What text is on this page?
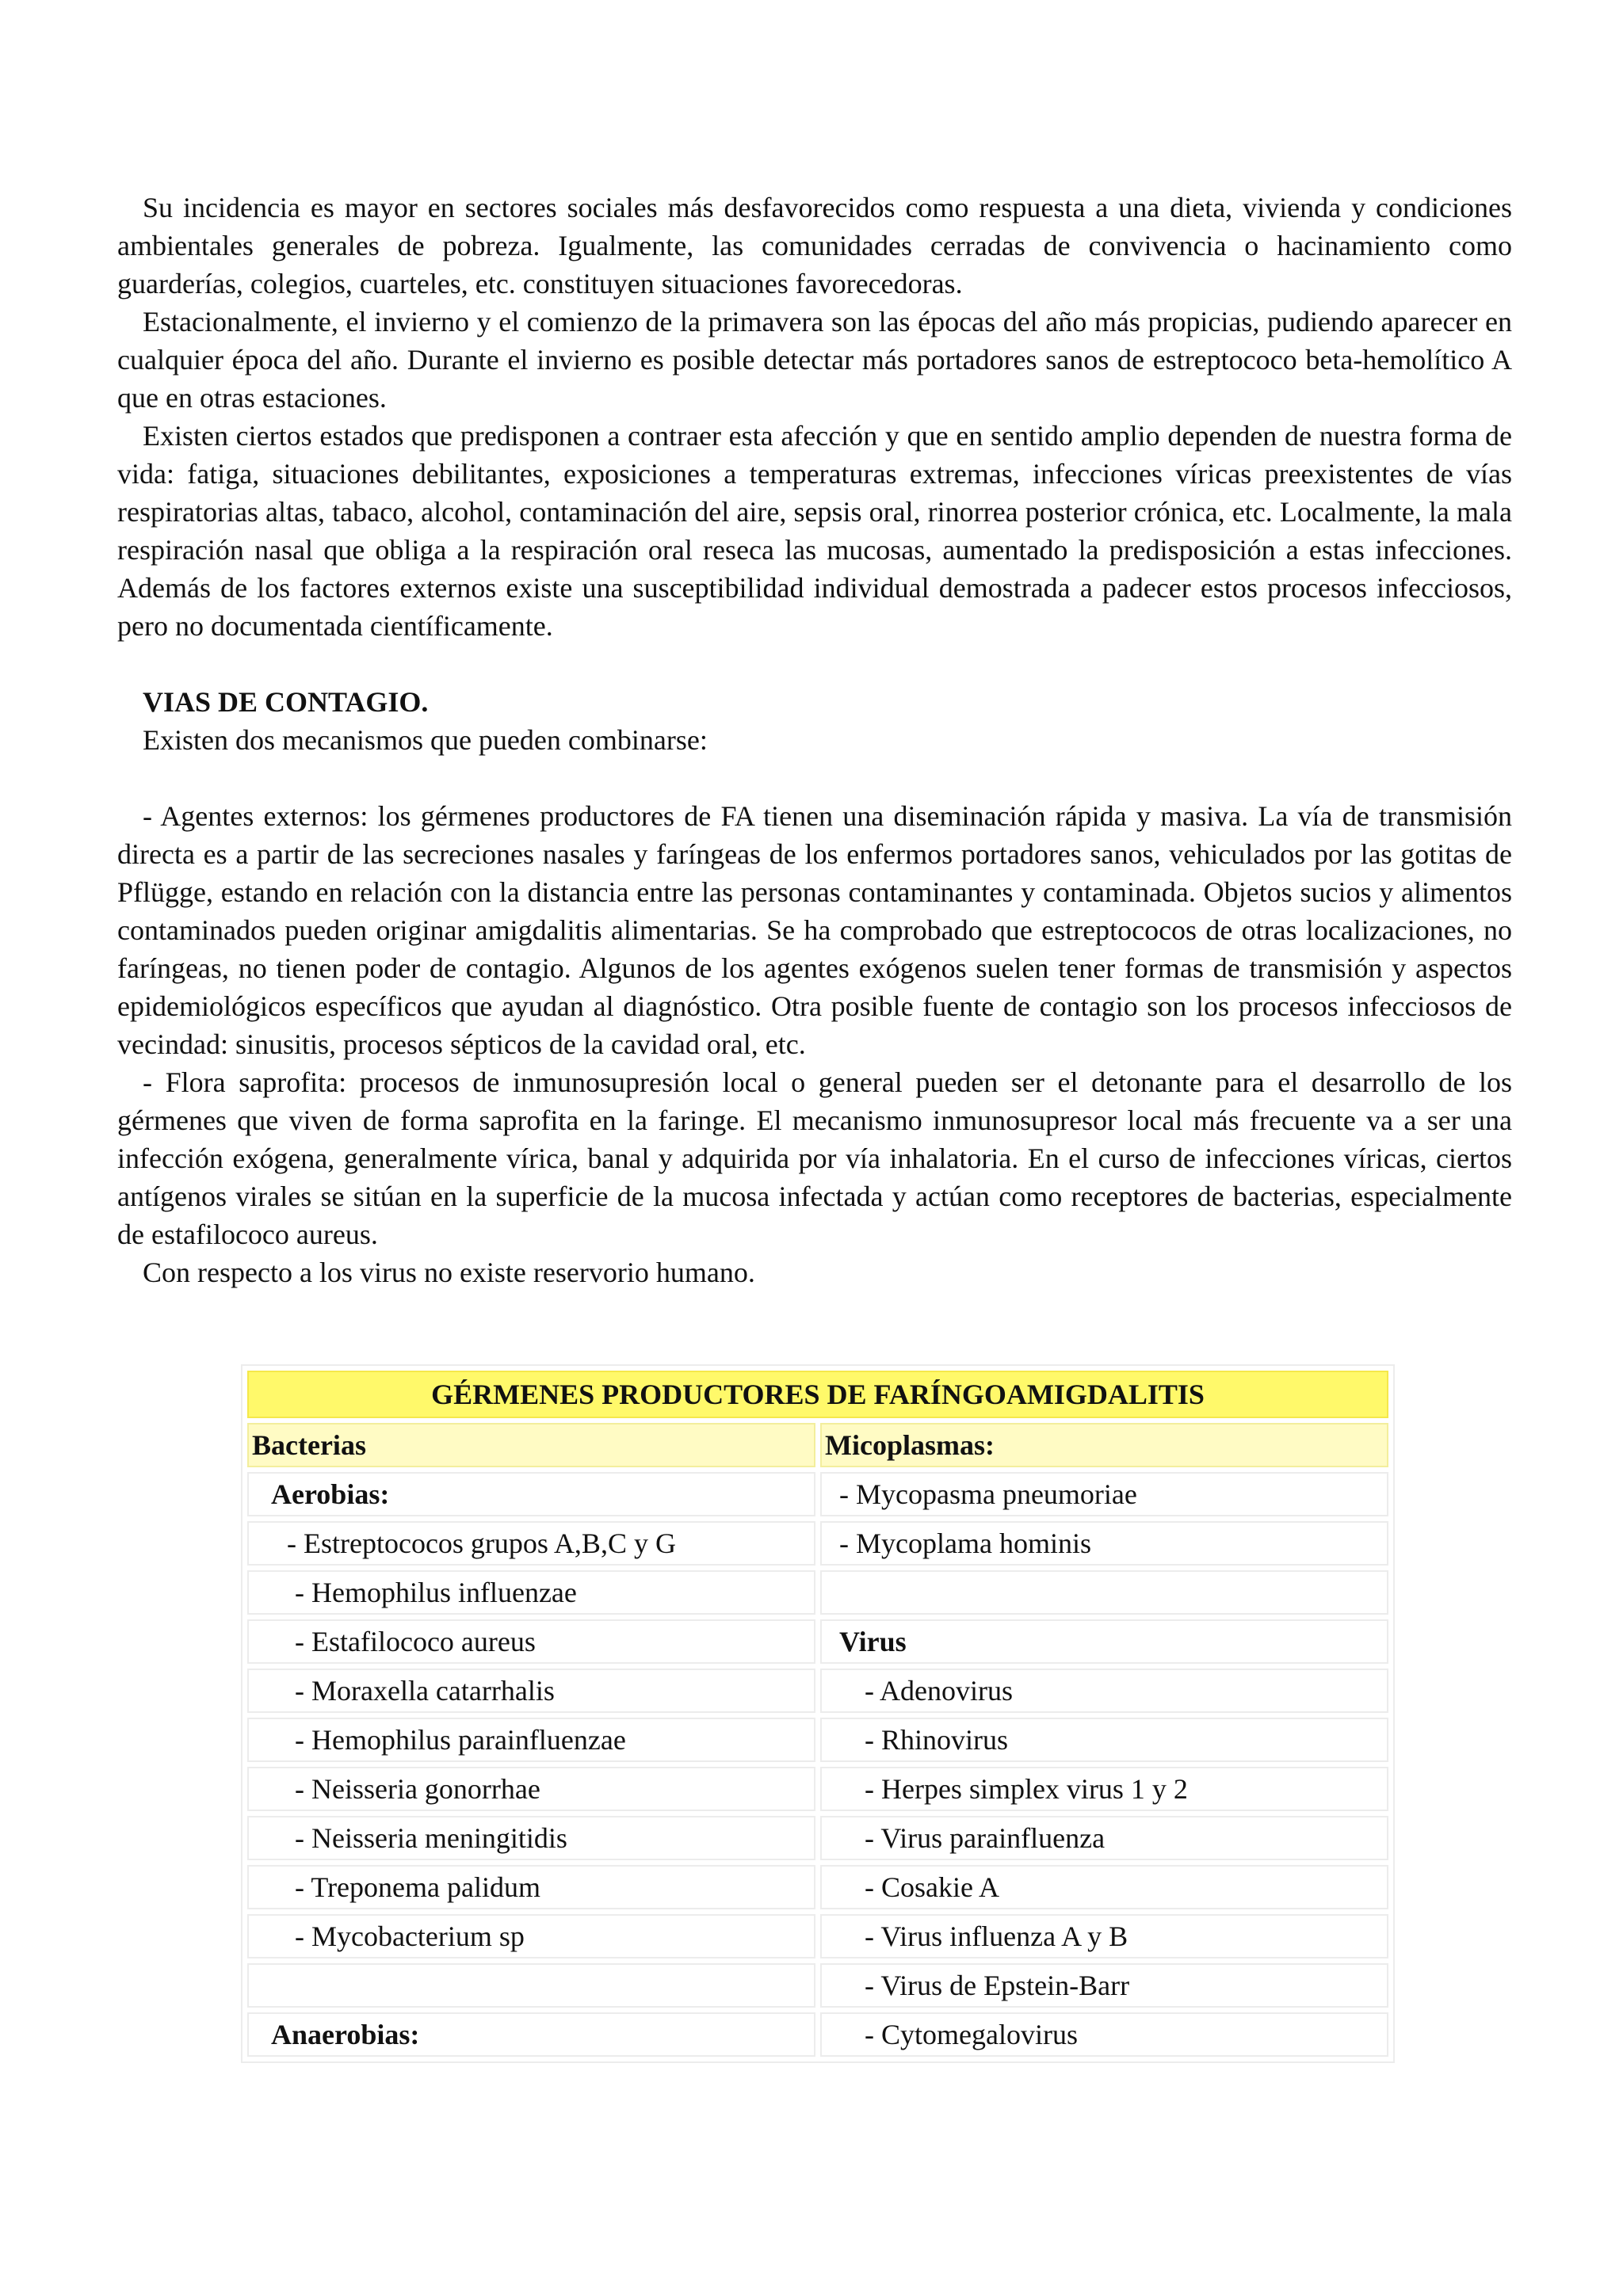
Su incidencia es mayor en sectores sociales más desfavorecidos como respuesta a una dieta, vivienda y condiciones ambientales generales de pobreza. Igualmente, las comunidades cerradas de convivencia o hacinamiento como guarderías, colegios, cuarteles, etc. constituyen situaciones favorecedoras.

Estacionalmente, el invierno y el comienzo de la primavera son las épocas del año más propicias, pudiendo aparecer en cualquier época del año. Durante el invierno es posible detectar más portadores sanos de estreptococo beta-hemolítico A que en otras estaciones.

Existen ciertos estados que predisponen a contraer esta afección y que en sentido amplio dependen de nuestra forma de vida: fatiga, situaciones debilitantes, exposiciones a temperaturas extremas, infecciones víricas preexistentes de vías respiratorias altas, tabaco, alcohol, contaminación del aire, sepsis oral, rinorrea posterior crónica, etc. Localmente, la mala respiración nasal que obliga a la respiración oral reseca las mucosas, aumentado la predisposición a estas infecciones. Además de los factores externos existe una susceptibilidad individual demostrada a padecer estos procesos infecciosos, pero no documentada científicamente.

VIAS DE CONTAGIO.

Existen dos mecanismos que pueden combinarse:

- Agentes externos: los gérmenes productores de FA tienen una diseminación rápida y masiva. La vía de transmisión directa es a partir de las secreciones nasales y faríngeas de los enfermos portadores sanos, vehiculados por las gotitas de Pflügge, estando en relación con la distancia entre las personas contaminantes y contaminada. Objetos sucios y alimentos contaminados pueden originar amigdalitis alimentarias. Se ha comprobado que estreptococos de otras localizaciones, no faríngeas, no tienen poder de contagio. Algunos de los agentes exógenos suelen tener formas de transmisión y aspectos epidemiológicos específicos que ayudan al diagnóstico. Otra posible fuente de contagio son los procesos infecciosos de vecindad: sinusitis, procesos sépticos de la cavidad oral, etc.

- Flora saprofita: procesos de inmunosupresión local o general pueden ser el detonante para el desarrollo de los gérmenes que viven de forma saprofita en la faringe. El mecanismo inmunosupresor local más frecuente va a ser una infección exógena, generalmente vírica, banal y adquirida por vía inhalatoria. En el curso de infecciones víricas, ciertos antígenos virales se sitúan en la superficie de la mucosa infectada y actúan como receptores de bacterias, especialmente de estafilococo aureus.

Con respecto a los virus no existe reservorio humano.

GÉRMENES PRODUCTORES DE FARÍNGOAMIGDALITIS	
Bacterias	Micoplasmas:
Aerobias:	- Mycopasma pneumoriae
- Estreptococos grupos A,B,C y G	- Mycoplama hominis
- Hemophilus influenzae	
- Estafilococo aureus	Virus
- Moraxella catarrhalis	- Adenovirus
- Hemophilus parainfluenzae	- Rhinovirus
- Neisseria gonorrhae	- Herpes simplex virus 1 y 2
- Neisseria meningitidis	- Virus parainfluenza
- Treponema palidum	- Cosakie A
- Mycobacterium sp	- Virus influenza A y B
	- Virus de Epstein-Barr
Anaerobias:	- Cytomegalovirus
